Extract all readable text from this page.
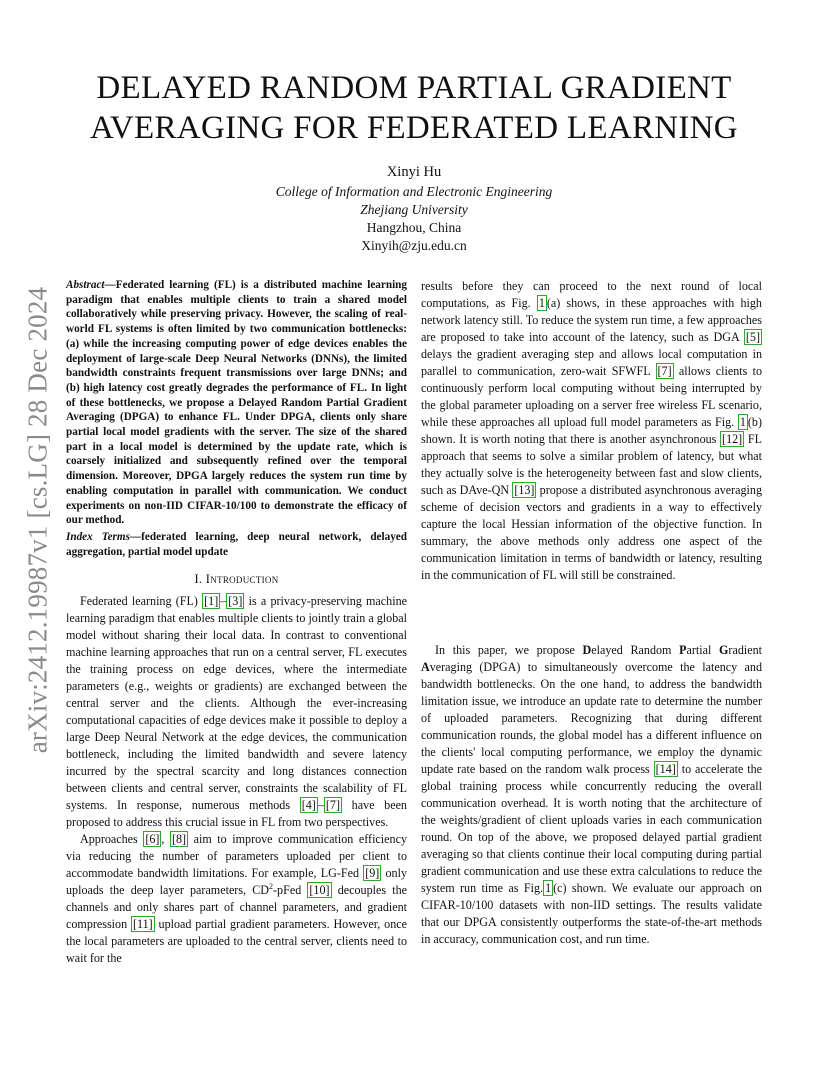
arXiv:2412.19987v1 [cs.LG] 28 Dec 2024
DELAYED RANDOM PARTIAL GRADIENT
AVERAGING FOR FEDERATED LEARNING
Xinyi Hu
College of Information and Electronic Engineering
Zhejiang University
Hangzhou, China
Xinyih@zju.edu.cn
Abstract—Federated learning (FL) is a distributed machine learning paradigm that enables multiple clients to train a shared model collaboratively while preserving privacy. However, the scaling of real-world FL systems is often limited by two communication bottlenecks: (a) while the increasing computing power of edge devices enables the deployment of large-scale Deep Neural Networks (DNNs), the limited bandwidth constraints frequent transmissions over large DNNs; and (b) high latency cost greatly degrades the performance of FL. In light of these bottlenecks, we propose a Delayed Random Partial Gradient Averaging (DPGA) to enhance FL. Under DPGA, clients only share partial local model gradients with the server. The size of the shared part in a local model is determined by the update rate, which is coarsely initialized and subsequently refined over the temporal dimension. Moreover, DPGA largely reduces the system run time by enabling computation in parallel with communication. We conduct experiments on non-IID CIFAR-10/100 to demonstrate the efficacy of our method.
Index Terms—federated learning, deep neural network, delayed aggregation, partial model update
I. Introduction

Federated learning (FL) [1] – [3] is a privacy-preserving machine learning paradigm that enables multiple clients to jointly train a global model without sharing their local data. In contrast to conventional machine learning approaches that run on a central server, FL executes the training process on edge devices, where the intermediate parameters (e.g., weights or gradients) are exchanged between the central server and the clients. Although the ever-increasing computational capacities of edge devices make it possible to deploy a large Deep Neural Network at the edge devices, the communication bottleneck, including the limited bandwidth and severe latency incurred by the spectral scarcity and long distances connection between clients and central server, constraints the scalability of FL systems. In response, numerous methods [4] – [7] have been proposed to address this crucial issue in FL from two perspectives.

Approaches [6] , [8] aim to improve communication efficiency via reducing the number of parameters uploaded per client to accommodate bandwidth limitations. For example, LG-Fed [9] only uploads the deep layer parameters, $CD^2$-pFed [10] decouples the channels and only shares part of channel parameters, and gradient compression [11] upload partial gradient parameters. However, once the local parameters are uploaded to the central server, clients need to wait for the

results before they can proceed to the next round of local computations, as Fig. 1 (a) shows, in these approaches with high network latency still. To reduce the system run time, a few approaches are proposed to take into account of the latency, such as DGA [5] delays the gradient averaging step and allows local computation in parallel to communication, zero-wait SFWFL [7] allows clients to continuously perform local computing without being interrupted by the global parameter uploading on a server free wireless FL scenario, while these approaches all upload full model parameters as Fig. 1 (b) shown. It is worth noting that there is another asynchronous [12] FL approach that seems to solve a similar problem of latency, but what they actually solve is the heterogeneity between fast and slow clients, such as DAve-QN [13] propose a distributed asynchronous averaging scheme of decision vectors and gradients in a way to effectively capture the local Hessian information of the objective function. In summary, the above methods only address one aspect of the communication limitation in terms of bandwidth or latency, resulting in the communication of FL will still be constrained.

In this paper, we propose Delayed Random Partial Gradient Averaging (DPGA) to simultaneously overcome the latency and bandwidth bottlenecks. On the one hand, to address the bandwidth limitation issue, we introduce an update rate to determine the number of uploaded parameters. Recognizing that during different communication rounds, the global model has a different influence on the clients' local computing performance, we employ the dynamic update rate based on the random walk process [14] to accelerate the global training process while concurrently reducing the overall communication overhead. It is worth noting that the architecture of the weights/gradient of client uploads varies in each communication round. On top of the above, we proposed delayed partial gradient averaging so that clients continue their local computing during partial gradient communication and use these extra calculations to reduce the system run time as Fig. 1 (c) shown. We evaluate our approach on CIFAR-10/100 datasets with non-IID settings. The results validate that our DPGA consistently outperforms the state-of-the-art methods in accuracy, communication cost, and run time.
